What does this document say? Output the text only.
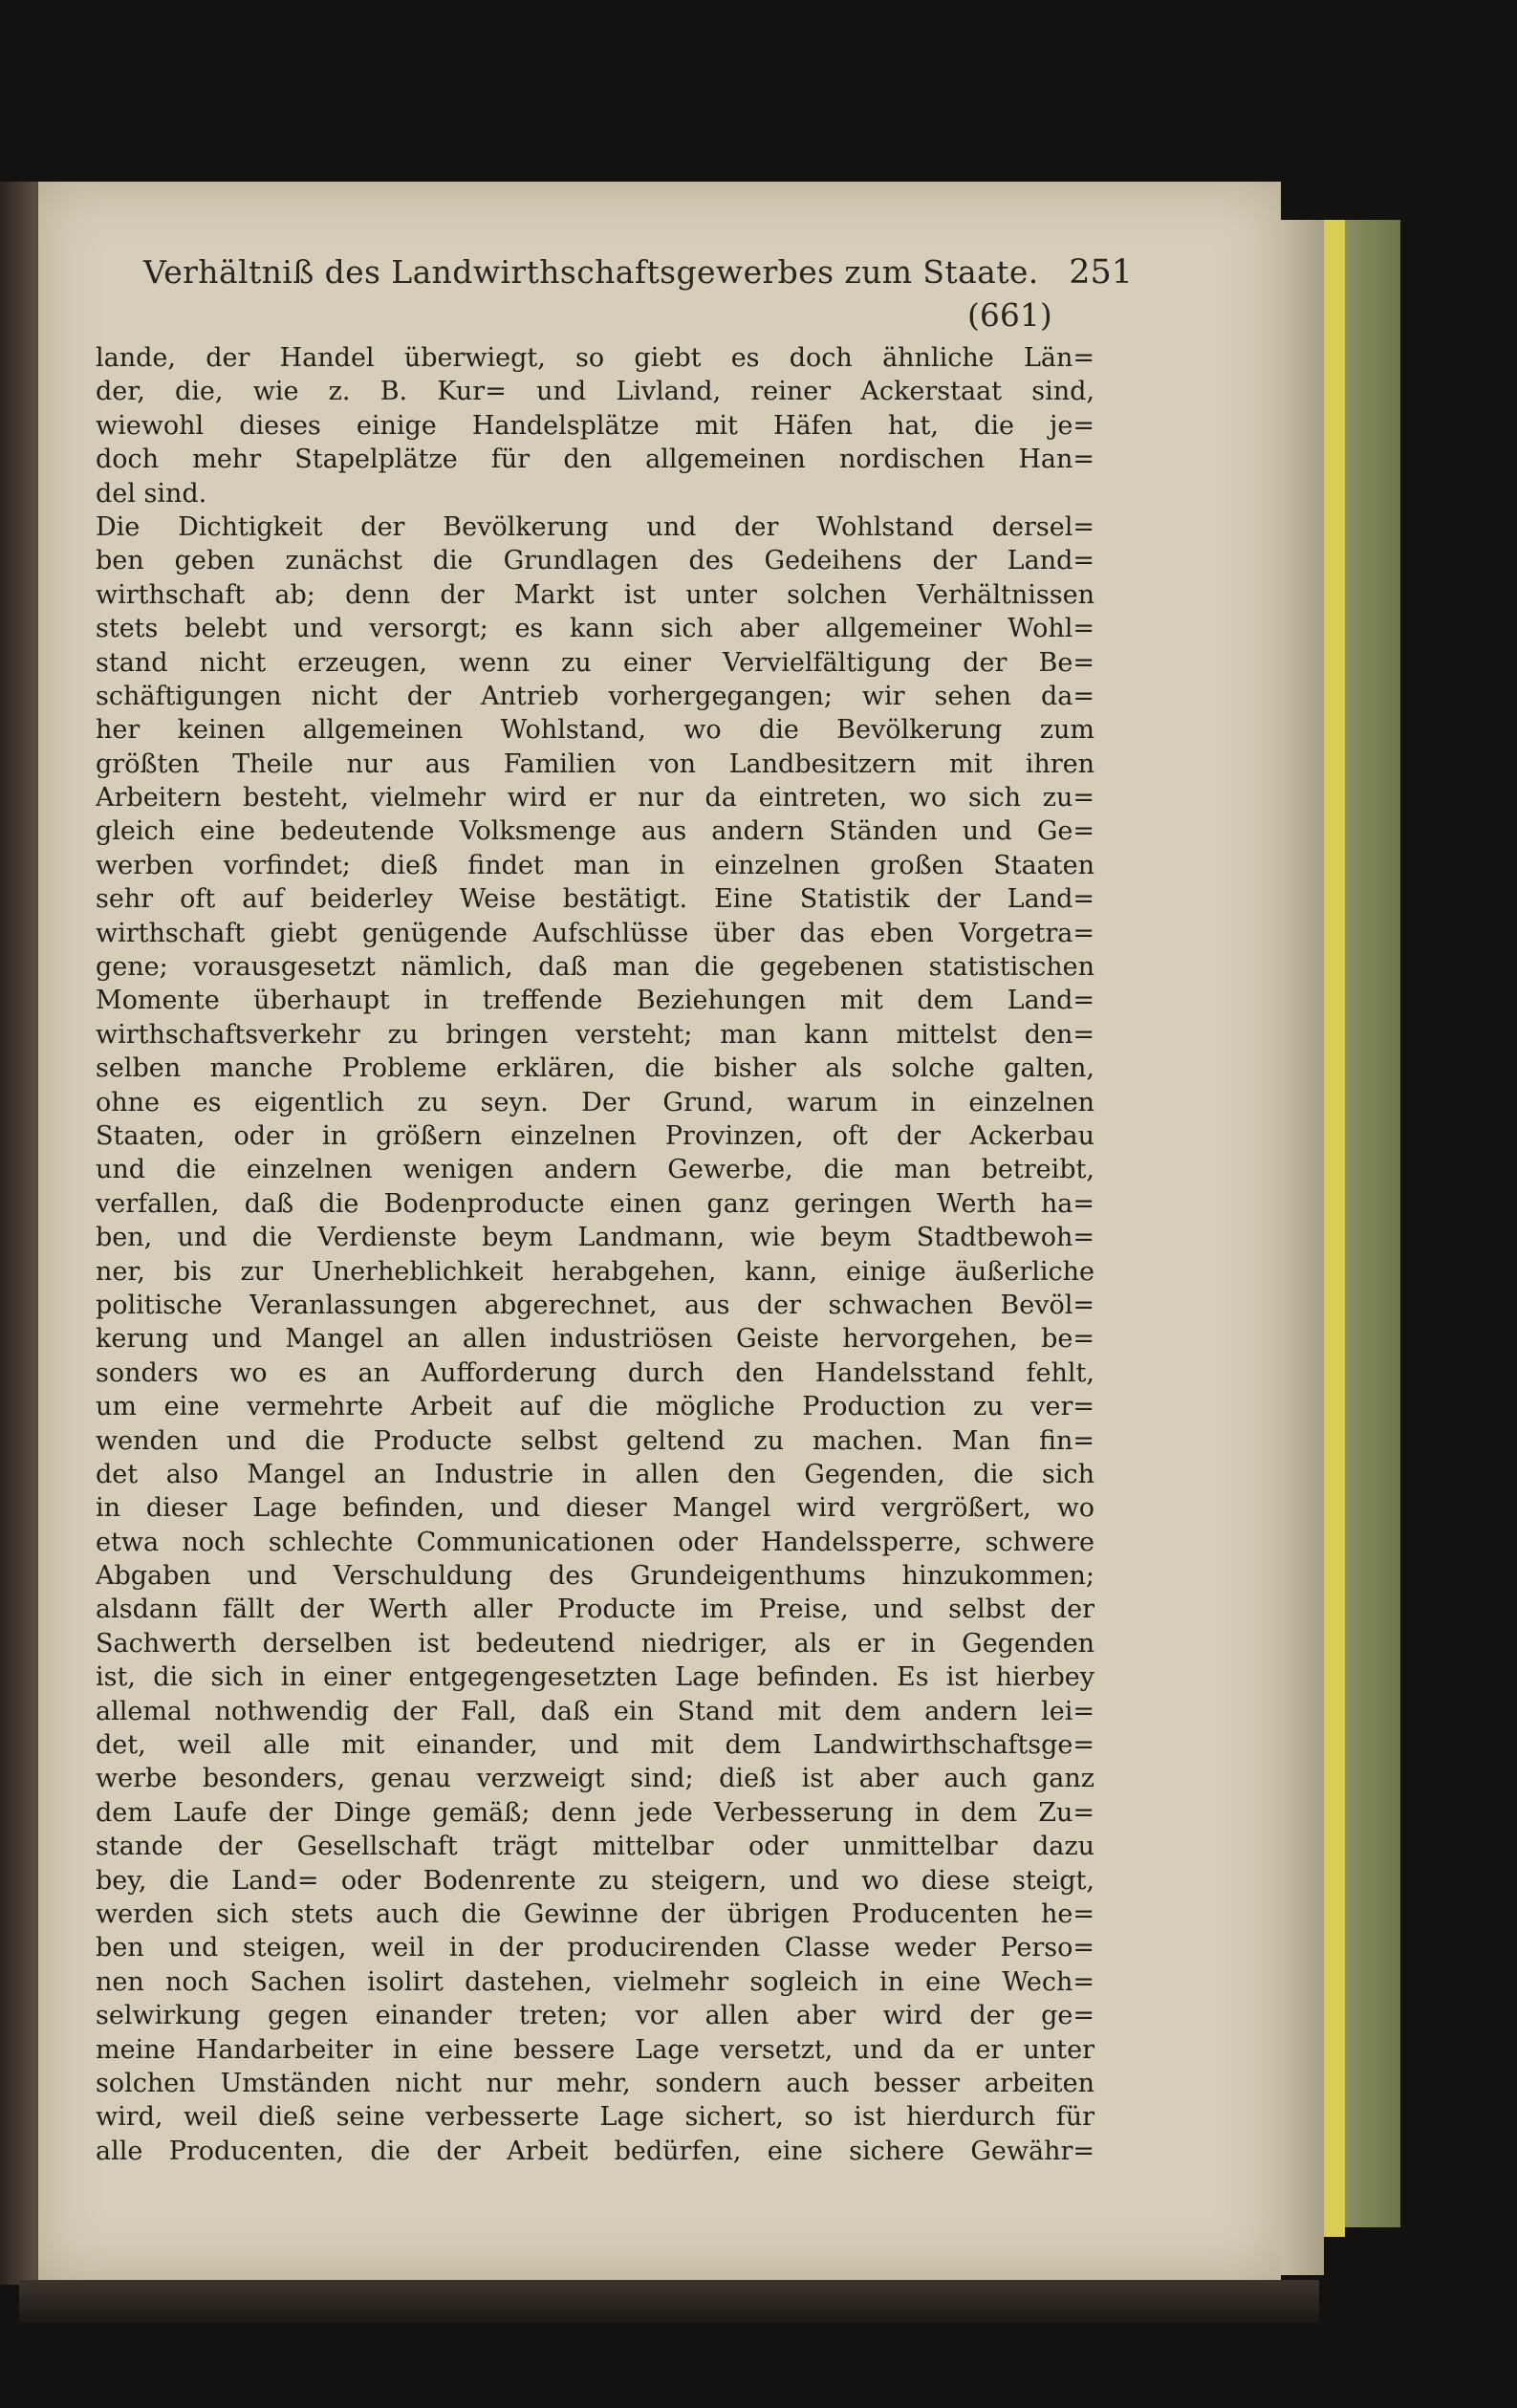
Verhältniß des Landwirthschaftsgewerbes zum Staate. 251
(661)
lande, der Handel überwiegt, so giebt es doch ähnliche Län=
der, die, wie z. B. Kur= und Livland, reiner Ackerstaat sind,
wiewohl dieses einige Handelsplätze mit Häfen hat, die je=
doch mehr Stapelplätze für den allgemeinen nordischen Han=
del sind.
Die Dichtigkeit der Bevölkerung und der Wohlstand dersel=
ben geben zunächst die Grundlagen des Gedeihens der Land=
wirthschaft ab; denn der Markt ist unter solchen Verhältnissen
stets belebt und versorgt; es kann sich aber allgemeiner Wohl=
stand nicht erzeugen, wenn zu einer Vervielfältigung der Be=
schäftigungen nicht der Antrieb vorhergegangen; wir sehen da=
her keinen allgemeinen Wohlstand, wo die Bevölkerung zum
größten Theile nur aus Familien von Landbesitzern mit ihren
Arbeitern besteht, vielmehr wird er nur da eintreten, wo sich zu=
gleich eine bedeutende Volksmenge aus andern Ständen und Ge=
werben vorfindet; dieß findet man in einzelnen großen Staaten
sehr oft auf beiderley Weise bestätigt. Eine Statistik der Land=
wirthschaft giebt genügende Aufschlüsse über das eben Vorgetra=
gene; vorausgesetzt nämlich, daß man die gegebenen statistischen
Momente überhaupt in treffende Beziehungen mit dem Land=
wirthschaftsverkehr zu bringen versteht; man kann mittelst den=
selben manche Probleme erklären, die bisher als solche galten,
ohne es eigentlich zu seyn. Der Grund, warum in einzelnen
Staaten, oder in größern einzelnen Provinzen, oft der Ackerbau
und die einzelnen wenigen andern Gewerbe, die man betreibt,
verfallen, daß die Bodenproducte einen ganz geringen Werth ha=
ben, und die Verdienste beym Landmann, wie beym Stadtbewoh=
ner, bis zur Unerheblichkeit herabgehen, kann, einige äußerliche
politische Veranlassungen abgerechnet, aus der schwachen Bevöl=
kerung und Mangel an allen industriösen Geiste hervorgehen, be=
sonders wo es an Aufforderung durch den Handelsstand fehlt,
um eine vermehrte Arbeit auf die mögliche Production zu ver=
wenden und die Producte selbst geltend zu machen. Man fin=
det also Mangel an Industrie in allen den Gegenden, die sich
in dieser Lage befinden, und dieser Mangel wird vergrößert, wo
etwa noch schlechte Communicationen oder Handelssperre, schwere
Abgaben und Verschuldung des Grundeigenthums hinzukommen;
alsdann fällt der Werth aller Producte im Preise, und selbst der
Sachwerth derselben ist bedeutend niedriger, als er in Gegenden
ist, die sich in einer entgegengesetzten Lage befinden. Es ist hierbey
allemal nothwendig der Fall, daß ein Stand mit dem andern lei=
det, weil alle mit einander, und mit dem Landwirthschaftsge=
werbe besonders, genau verzweigt sind; dieß ist aber auch ganz
dem Laufe der Dinge gemäß; denn jede Verbesserung in dem Zu=
stande der Gesellschaft trägt mittelbar oder unmittelbar dazu
bey, die Land= oder Bodenrente zu steigern, und wo diese steigt,
werden sich stets auch die Gewinne der übrigen Producenten he=
ben und steigen, weil in der producirenden Classe weder Perso=
nen noch Sachen isolirt dastehen, vielmehr sogleich in eine Wech=
selwirkung gegen einander treten; vor allen aber wird der ge=
meine Handarbeiter in eine bessere Lage versetzt, und da er unter
solchen Umständen nicht nur mehr, sondern auch besser arbeiten
wird, weil dieß seine verbesserte Lage sichert, so ist hierdurch für
alle Producenten, die der Arbeit bedürfen, eine sichere Gewähr=
